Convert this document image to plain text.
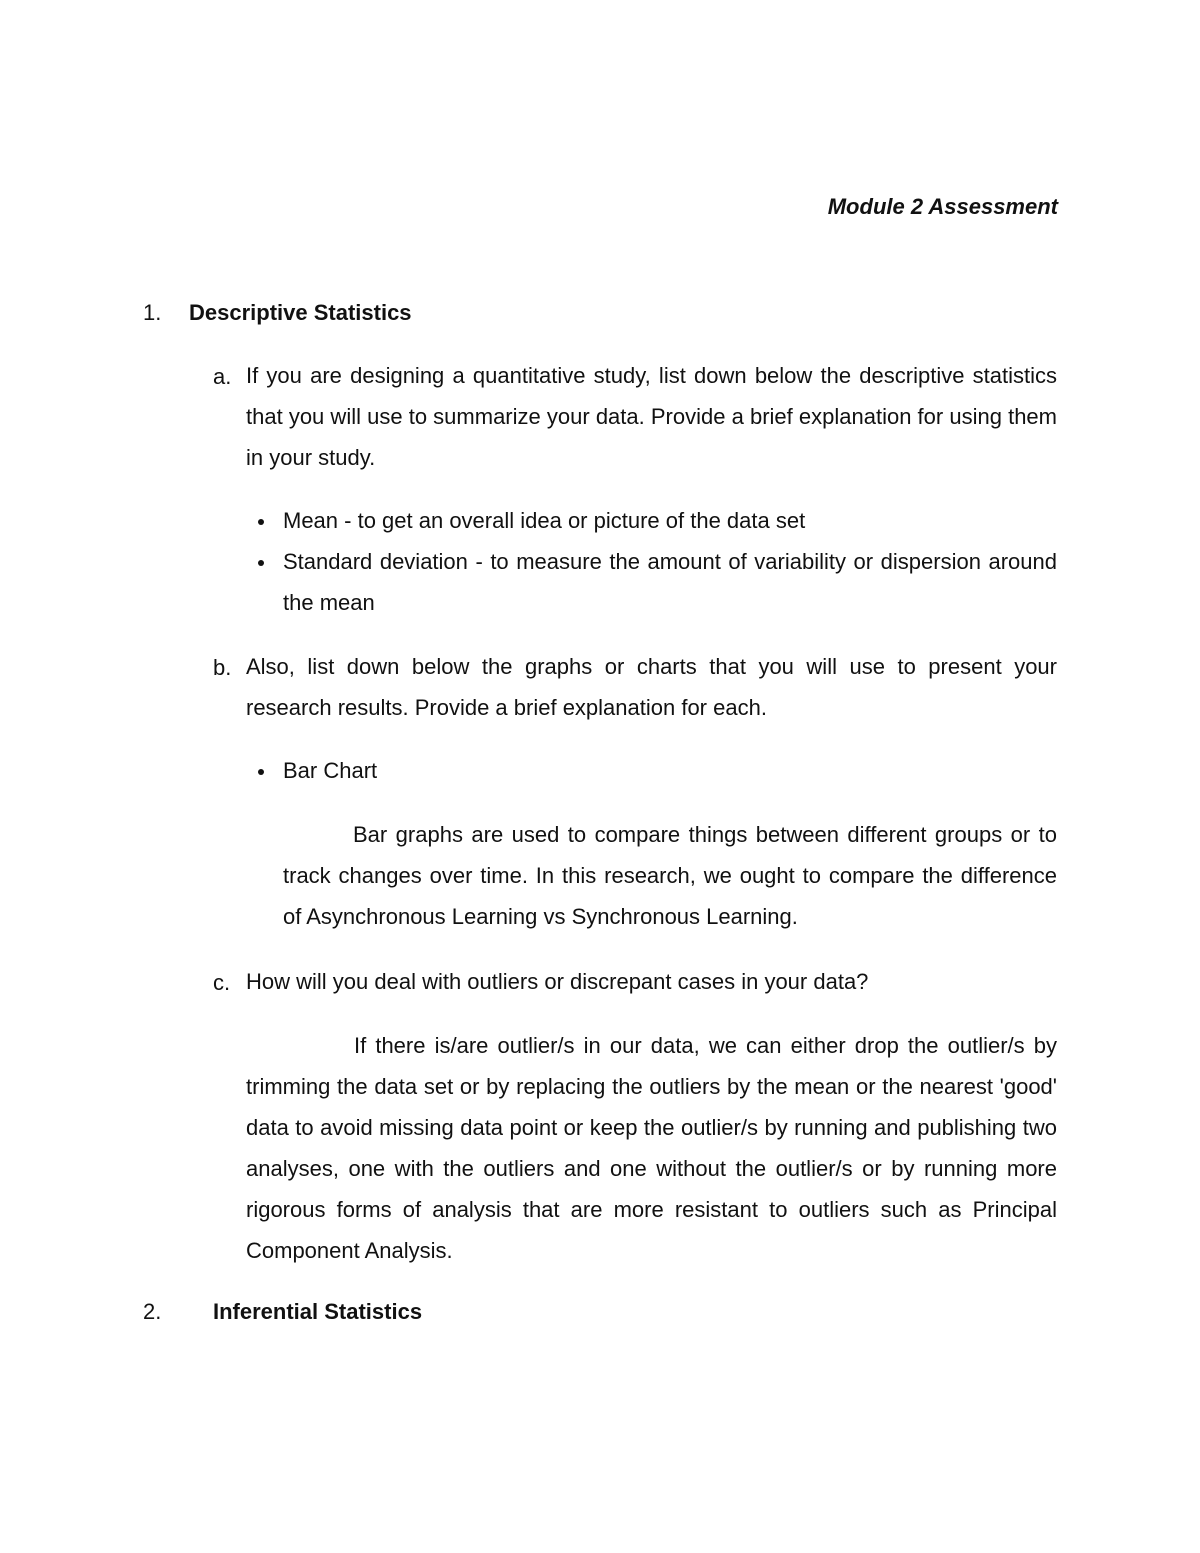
Module 2 Assessment
1. Descriptive Statistics
a. If you are designing a quantitative study, list down below the descriptive statistics that you will use to summarize your data. Provide a brief explanation for using them in your study.

Mean - to get an overall idea or picture of the data set

Standard deviation - to measure the amount of variability or dispersion around the mean

b. Also, list down below the graphs or charts that you will use to present your research results. Provide a brief explanation for each.

Bar Chart

Bar graphs are used to compare things between different groups or to track changes over time. In this research, we ought to compare the difference of Asynchronous Learning vs Synchronous Learning.

c. How will you deal with outliers or discrepant cases in your data?

If there is/are outlier/s in our data, we can either drop the outlier/s by trimming the data set or by replacing the outliers by the mean or the nearest 'good' data to avoid missing data point or keep the outlier/s by running and publishing two analyses, one with the outliers and one without the outlier/s or by running more rigorous forms of analysis that are more resistant to outliers such as Principal Component Analysis.

2. Inferential Statistics
